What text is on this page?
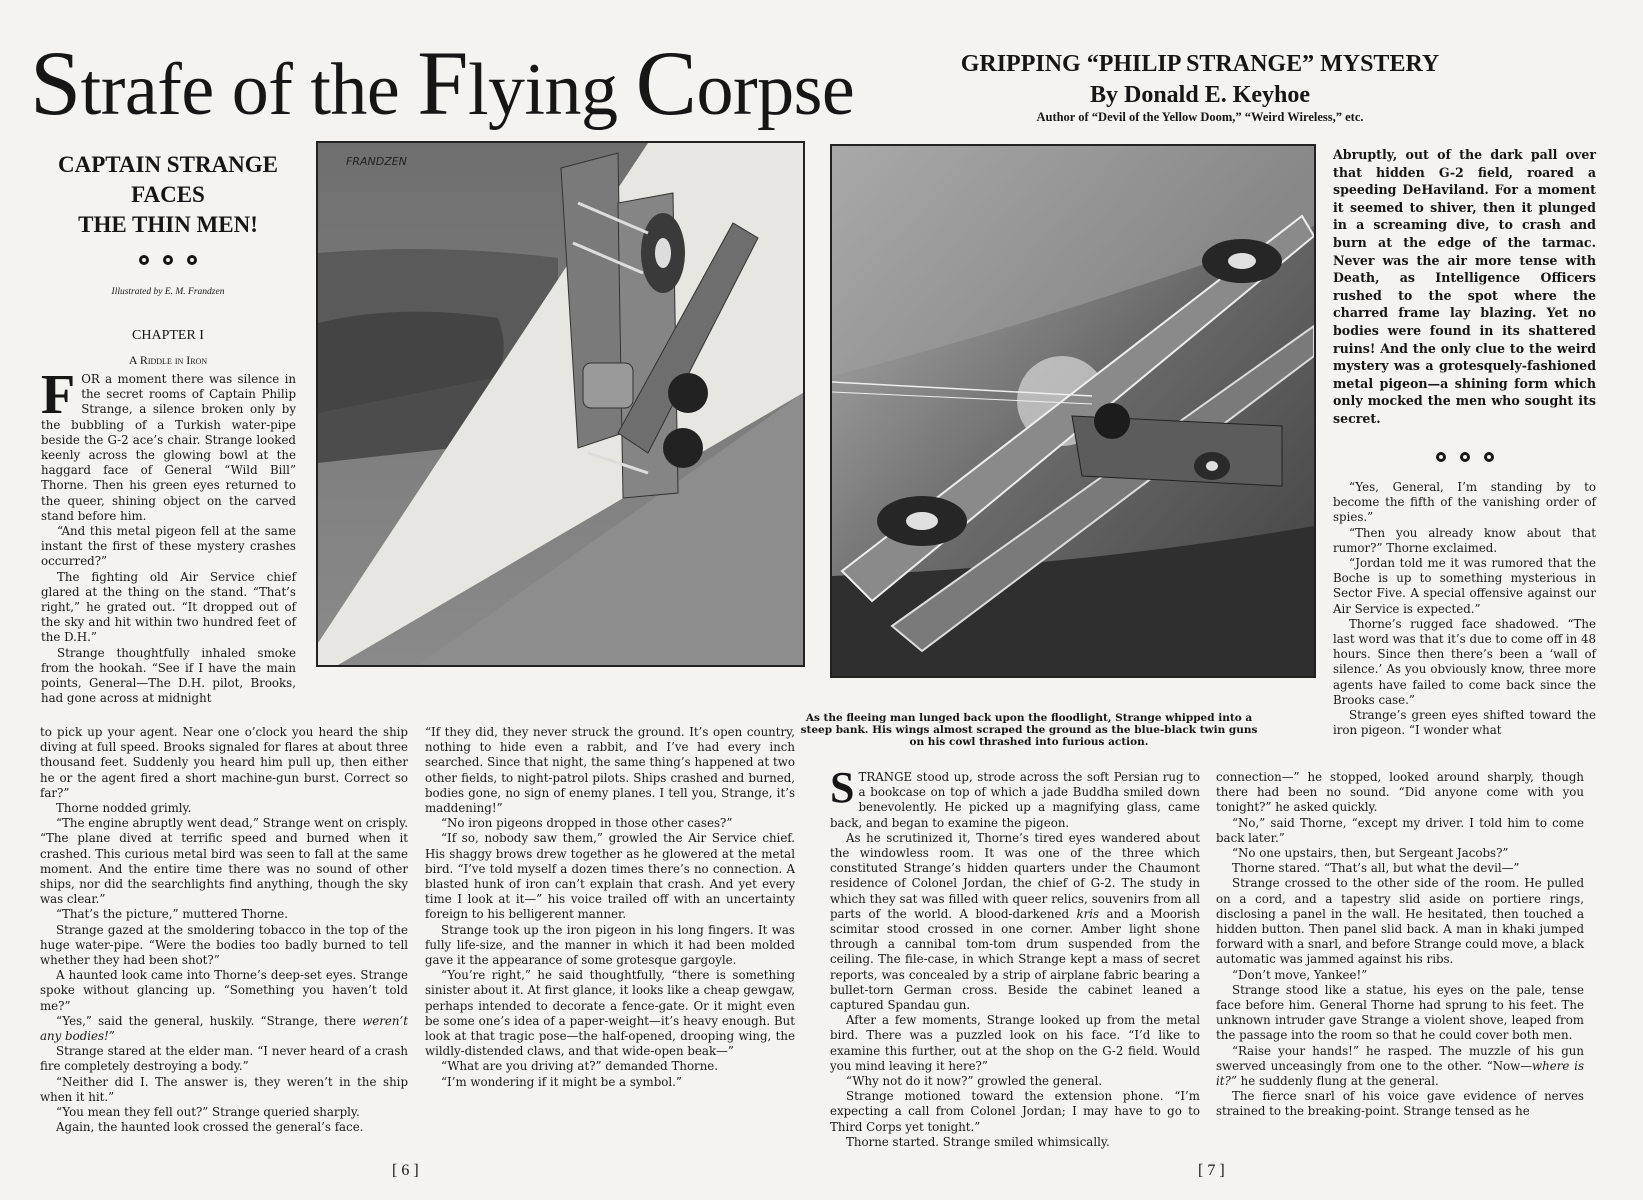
Strafe of the Flying Corpse	GRIPPING “PHILIP STRANGE” MYSTERY
By Donald E. Keyhoe
Author of “Devil of the Yellow Doom,” “Weird Wireless,” etc.
CAPTAIN STRANGE
FACES
THE THIN MEN!
Illustrated by E. M. Frandzen
CHAPTER I
A Riddle in Iron
FRANDZEN
As the fleeing man lunged back upon the floodlight, Strange whipped into a steep bank. His wings almost scraped the ground as the blue-black twin guns on his cowl thrashed into furious action.

FOR a moment there was silence in the secret rooms of Captain Philip Strange, a silence broken only by the bubbling of a Turkish water-pipe beside the G-2 ace’s chair. Strange looked keenly across the glowing bowl at the haggard face of General “Wild Bill” Thorne. Then his green eyes returned to the queer, shining object on the carved stand before him.

“And this metal pigeon fell at the same instant the first of these mystery crashes occurred?”

The fighting old Air Service chief glared at the thing on the stand. “That’s right,” he grated out. “It dropped out of the sky and hit within two hundred feet of the D.H.”

Strange thoughtfully inhaled smoke from the hookah. “See if I have the main points, General—The D.H. pilot, Brooks, had gone across at midnight

to pick up your agent. Near one o’clock you heard the ship diving at full speed. Brooks signaled for flares at about three thousand feet. Suddenly you heard him pull up, then either he or the agent fired a short machine-gun burst. Correct so far?”

Thorne nodded grimly.

“The engine abruptly went dead,” Strange went on crisply. “The plane dived at terrific speed and burned when it crashed. This curious metal bird was seen to fall at the same moment. And the entire time there was no sound of other ships, nor did the searchlights find anything, though the sky was clear.”

“That’s the picture,” muttered Thorne.

Strange gazed at the smoldering tobacco in the top of the huge water-pipe. “Were the bodies too badly burned to tell whether they had been shot?”

A haunted look came into Thorne’s deep-set eyes. Strange spoke without glancing up. “Something you haven’t told me?”

“Yes,” said the general, huskily. “Strange, there weren’t any bodies!”

Strange stared at the elder man. “I never heard of a crash fire completely destroying a body.”

“Neither did I. The answer is, they weren’t in the ship when it hit.”

“You mean they fell out?” Strange queried sharply.

Again, the haunted look crossed the general’s face.

“If they did, they never struck the ground. It’s open country, nothing to hide even a rabbit, and I’ve had every inch searched. Since that night, the same thing’s happened at two other fields, to night-patrol pilots. Ships crashed and burned, bodies gone, no sign of enemy planes. I tell you, Strange, it’s maddening!”

“No iron pigeons dropped in those other cases?”

“If so, nobody saw them,” growled the Air Service chief. His shaggy brows drew together as he glowered at the metal bird. “I’ve told myself a dozen times there’s no connection. A blasted hunk of iron can’t explain that crash. And yet every time I look at it—” his voice trailed off with an uncertainty foreign to his belligerent manner.

Strange took up the iron pigeon in his long fingers. It was fully life-size, and the manner in which it had been molded gave it the appearance of some grotesque gargoyle.

“You’re right,” he said thoughtfully, “there is something sinister about it. At first glance, it looks like a cheap gewgaw, perhaps intended to decorate a fence-gate. Or it might even be some one’s idea of a paper-weight—it’s heavy enough. But look at that tragic pose—the half-opened, drooping wing, the wildly-distended claws, and that wide-open beak—”

“What are you driving at?” demanded Thorne.

“I’m wondering if it might be a symbol.”

STRANGE stood up, strode across the soft Persian rug to a bookcase on top of which a jade Buddha smiled down benevolently. He picked up a magnifying glass, came back, and began to examine the pigeon.

As he scrutinized it, Thorne’s tired eyes wandered about the windowless room. It was one of the three which constituted Strange’s hidden quarters under the Chaumont residence of Colonel Jordan, the chief of G-2. The study in which they sat was filled with queer relics, souvenirs from all parts of the world. A blood-darkened kris and a Moorish scimitar stood crossed in one corner. Amber light shone through a cannibal tom-tom drum suspended from the ceiling. The file-case, in which Strange kept a mass of secret reports, was concealed by a strip of airplane fabric bearing a bullet-torn German cross. Beside the cabinet leaned a captured Spandau gun.

After a few moments, Strange looked up from the metal bird. There was a puzzled look on his face. “I’d like to examine this further, out at the shop on the G-2 field. Would you mind leaving it here?”

“Why not do it now?” growled the general.

Strange motioned toward the extension phone. “I’m expecting a call from Colonel Jordan; I may have to go to Third Corps yet tonight.”

Thorne started. Strange smiled whimsically.

Abruptly, out of the dark pall over that hidden G-2 field, roared a speeding DeHaviland. For a moment it seemed to shiver, then it plunged in a screaming dive, to crash and burn at the edge of the tarmac. Never was the air more tense with Death, as Intelligence Officers rushed to the spot where the charred frame lay blazing. Yet no bodies were found in its shattered ruins! And the only clue to the weird mystery was a grotesquely-fashioned metal pigeon—a shining form which only mocked the men who sought its secret.

“Yes, General, I’m standing by to become the fifth of the vanishing order of spies.”

“Then you already know about that rumor?” Thorne exclaimed.

“Jordan told me it was rumored that the Boche is up to something mysterious in Sector Five. A special offensive against our Air Service is expected.”

Thorne’s rugged face shadowed. “The last word was that it’s due to come off in 48 hours. Since then there’s been a ‘wall of silence.’ As you obviously know, three more agents have failed to come back since the Brooks case.”

Strange’s green eyes shifted toward the iron pigeon. “I wonder what

connection—” he stopped, looked around sharply, though there had been no sound. “Did anyone come with you tonight?” he asked quickly.

“No,” said Thorne, “except my driver. I told him to come back later.”

“No one upstairs, then, but Sergeant Jacobs?”

Thorne stared. “That’s all, but what the devil—”

Strange crossed to the other side of the room. He pulled on a cord, and a tapestry slid aside on portiere rings, disclosing a panel in the wall. He hesitated, then touched a hidden button. Then panel slid back. A man in khaki jumped forward with a snarl, and before Strange could move, a black automatic was jammed against his ribs.

“Don’t move, Yankee!”

Strange stood like a statue, his eyes on the pale, tense face before him. General Thorne had sprung to his feet. The unknown intruder gave Strange a violent shove, leaped from the passage into the room so that he could cover both men.

“Raise your hands!” he rasped. The muzzle of his gun swerved unceasingly from one to the other. “Now—where is it?” he suddenly flung at the general.

The fierce snarl of his voice gave evidence of nerves strained to the breaking-point. Strange tensed as he

[ 6 ]	[ 7 ]
